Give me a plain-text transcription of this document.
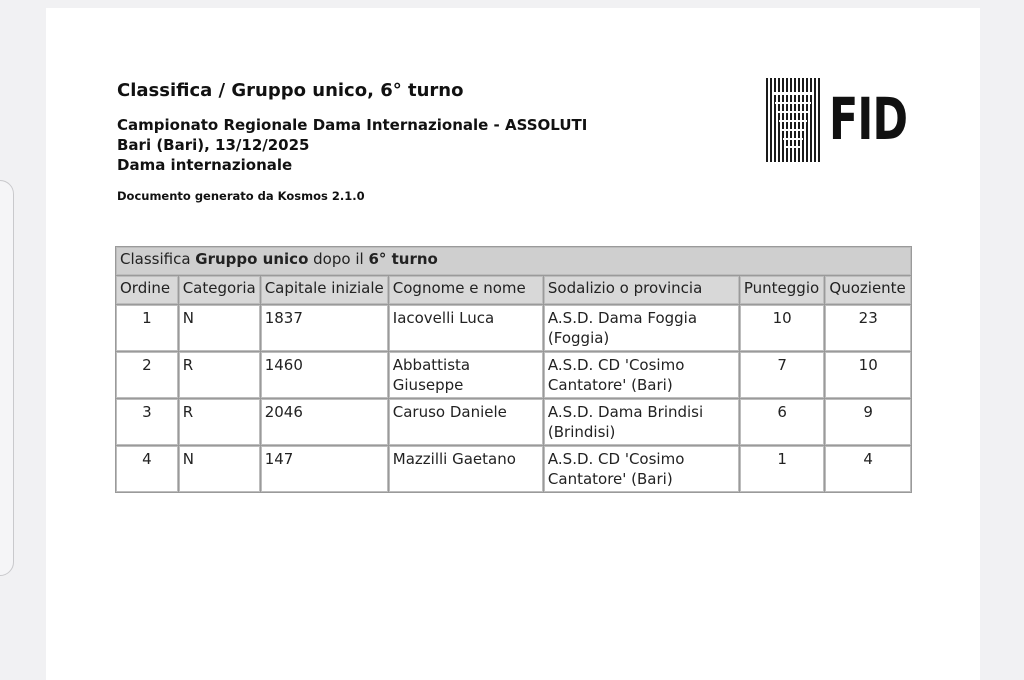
Classifica / Gruppo unico, 6° turno
Campionato Regionale Dama Internazionale - ASSOLUTI
Bari (Bari), 13/12/2025
Dama internazionale
Documento generato da Kosmos 2.1.0
FID
Classifica Gruppo unico dopo il 6° turno						
Ordine	Categoria	Capitale iniziale	Cognome e nome	Sodalizio o provincia	Punteggio	Quoziente
1	N	1837	Iacovelli Luca	A.S.D. Dama Foggia (Foggia)	10	23
2	R	1460	Abbattista Giuseppe	A.S.D. CD 'Cosimo Cantatore' (Bari)	7	10
3	R	2046	Caruso Daniele	A.S.D. Dama Brindisi (Brindisi)	6	9
4	N	147	Mazzilli Gaetano	A.S.D. CD 'Cosimo Cantatore' (Bari)	1	4
